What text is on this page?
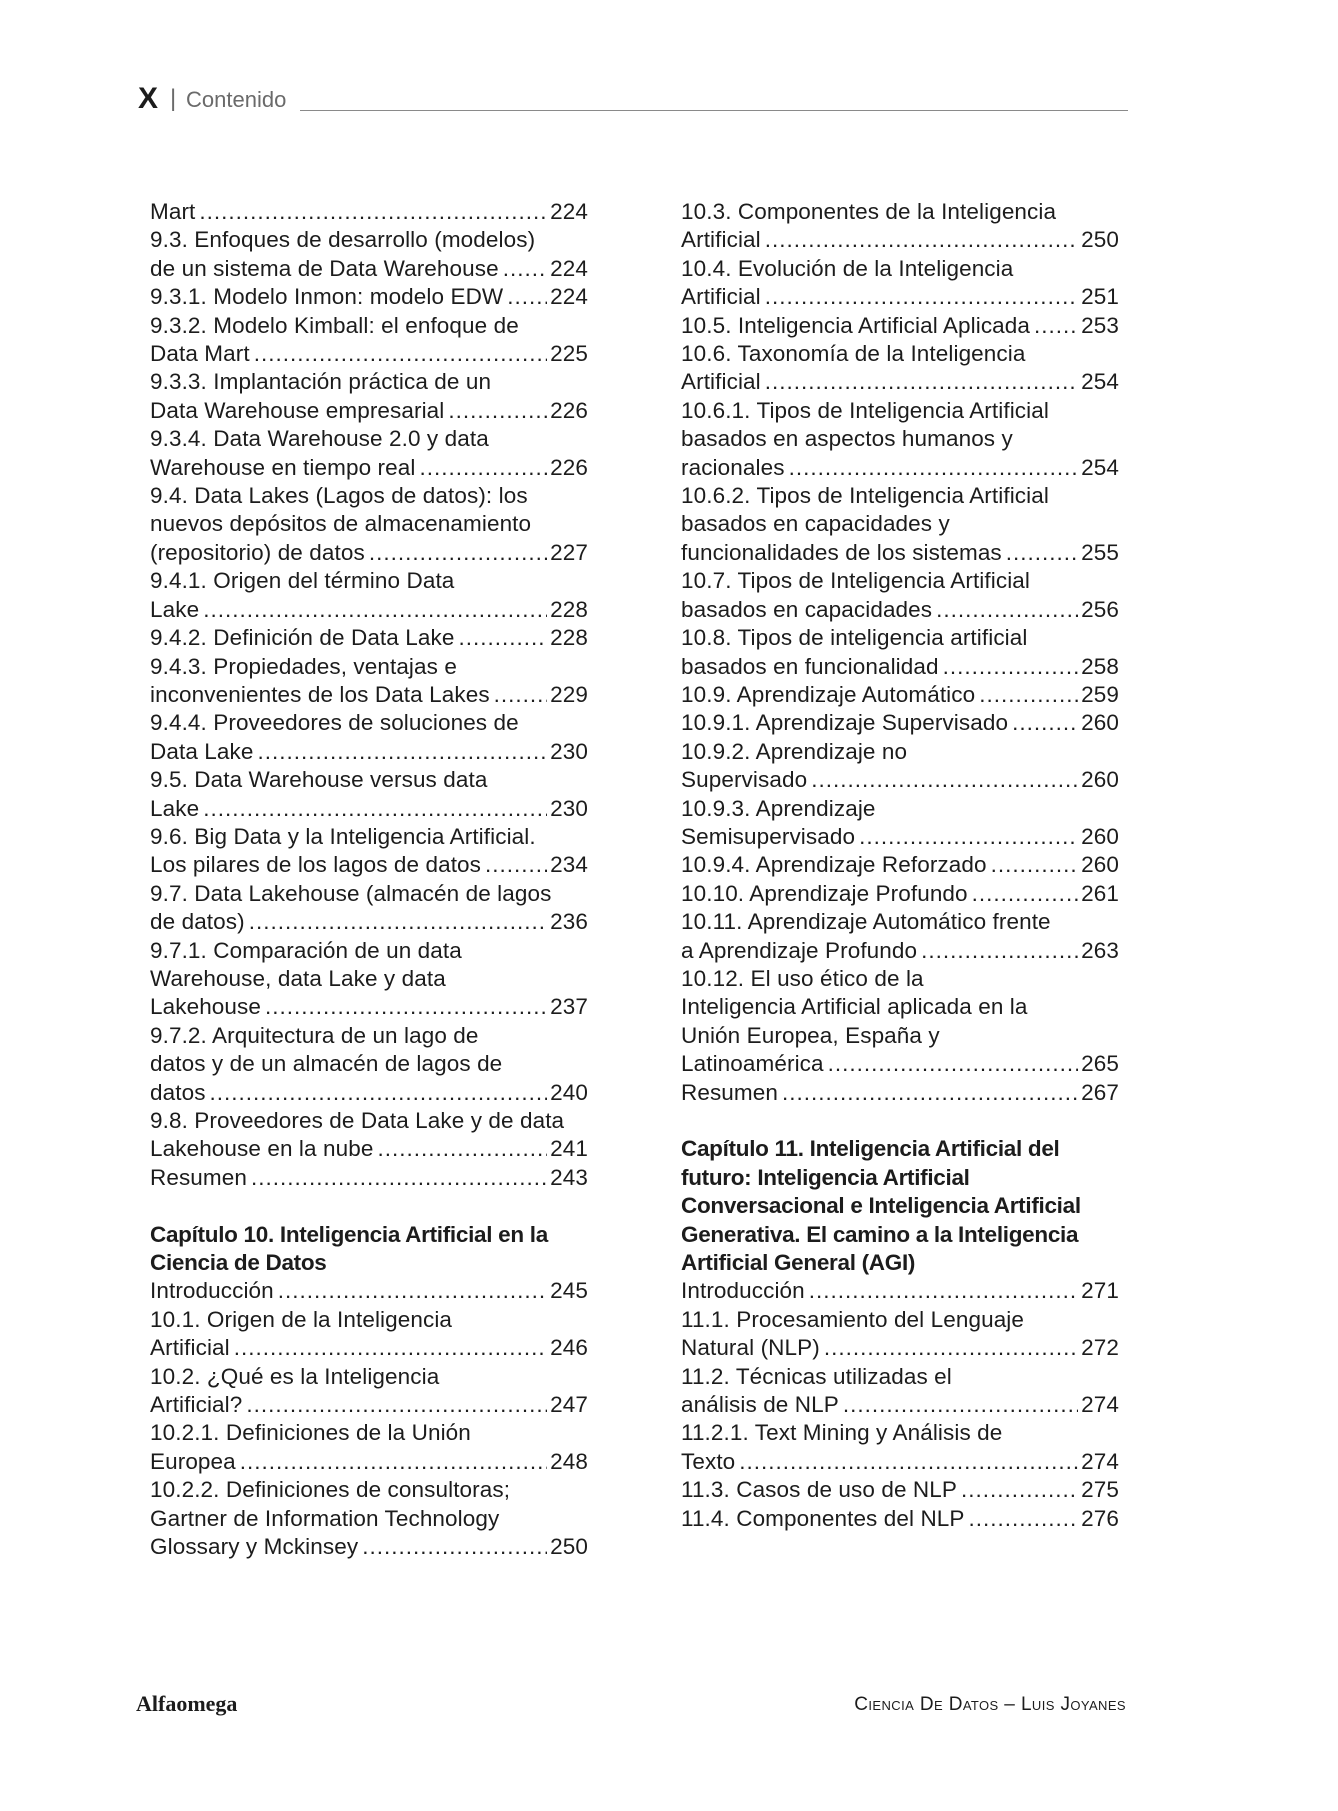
X | Contenido
Mart .....	224
9.3. Enfoques de desarrollo (modelos)
de un sistema de Data Warehouse ..... 224
9.3.1. Modelo Inmon: modelo EDW ..... 224
9.3.2. Modelo Kimball: el enfoque de
Data Mart .....	225
9.3.3. Implantación práctica de un
Data Warehouse empresarial .....	226
9.3.4. Data Warehouse 2.0 y data
Warehouse en tiempo real .....	226
9.4. Data Lakes (Lagos de datos): los
nuevos depósitos de almacenamiento
(repositorio) de datos .....	227
9.4.1. Origen del término Data
Lake .....	228
9.4.2. Definición de Data Lake .....	228
9.4.3. Propiedades, ventajas e
inconvenientes de los Data Lakes .....	229
9.4.4. Proveedores de soluciones de
Data Lake .....	230
9.5. Data Warehouse versus data
Lake .....	230
9.6. Big Data y la Inteligencia Artificial.
Los pilares de los lagos de datos .....	234
9.7. Data Lakehouse (almacén de lagos
de datos) .....	236
9.7.1. Comparación de un data
Warehouse, data Lake y data
Lakehouse .....	237
9.7.2. Arquitectura de un lago de
datos y de un almacén de lagos de
datos .....	240
9.8. Proveedores de Data Lake y de data
Lakehouse en la nube .....	241
Resumen .....	243
Capítulo 10. Inteligencia Artificial en la
Ciencia de Datos
Introducción .....	245
10.1. Origen de la Inteligencia
Artificial .....	246
10.2. ¿Qué es la Inteligencia
Artificial? .....	247
10.2.1. Definiciones de la Unión
Europea .....	248
10.2.2. Definiciones de consultoras;
Gartner de Information Technology
Glossary y Mckinsey .....	250
10.3. Componentes de la Inteligencia
Artificial .....	250
10.4. Evolución de la Inteligencia
Artificial .....	251
10.5. Inteligencia Artificial Aplicada ..... 253
10.6. Taxonomía de la Inteligencia
Artificial .....	254
10.6.1. Tipos de Inteligencia Artificial
basados en aspectos humanos y
racionales .....	254
10.6.2. Tipos de Inteligencia Artificial
basados en capacidades y
funcionalidades de los sistemas .....	255
10.7. Tipos de Inteligencia Artificial
basados en capacidades .....	256
10.8. Tipos de inteligencia artificial
basados en funcionalidad .....	258
10.9. Aprendizaje Automático .....	259
10.9.1. Aprendizaje Supervisado .....	260
10.9.2. Aprendizaje no
Supervisado .....	260
10.9.3. Aprendizaje
Semisupervisado .....	260
10.9.4. Aprendizaje Reforzado .....	260
10.10. Aprendizaje Profundo .....	261
10.11. Aprendizaje Automático frente
a Aprendizaje Profundo .....	263
10.12. El uso ético de la
Inteligencia Artificial aplicada en la
Unión Europea, España y
Latinoamérica .....	265
Resumen .....	267
Capítulo 11. Inteligencia Artificial del
futuro: Inteligencia Artificial
Conversacional e Inteligencia Artificial
Generativa. El camino a la Inteligencia
Artificial General (AGI)
Introducción .....	271
11.1. Procesamiento del Lenguaje
Natural (NLP) .....	272
11.2. Técnicas utilizadas el
análisis de NLP .....	274
11.2.1. Text Mining y Análisis de
Texto .....	274
11.3. Casos de uso de NLP .....	275
11.4. Componentes del NLP .....	276
Alfaomega	Ciencia De Datos – Luis Joyanes
